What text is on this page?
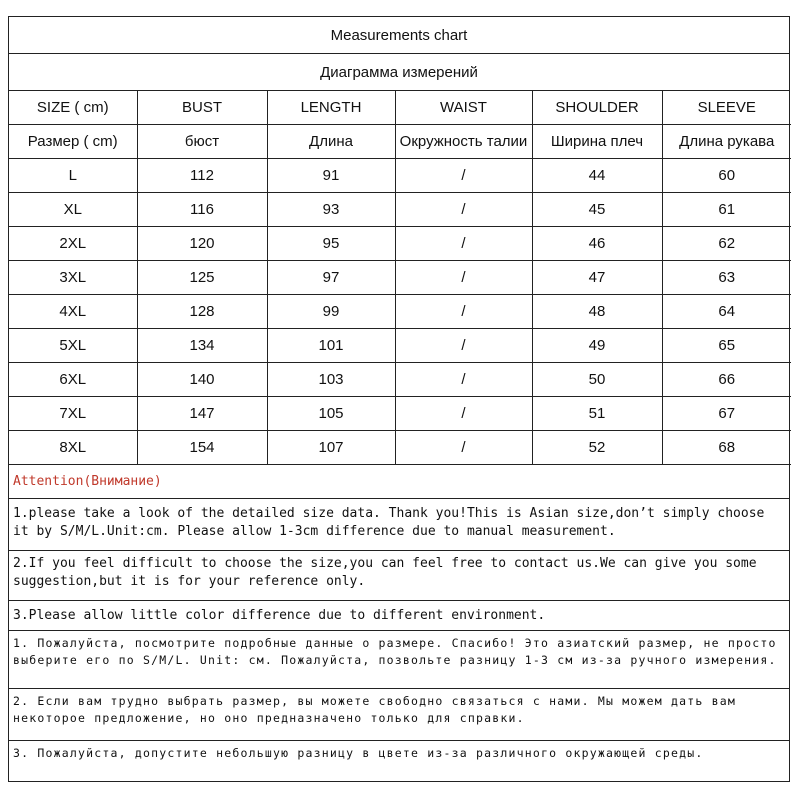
Measurements chart
Диаграмма измерений
SIZE ( cm)	BUST	LENGTH	WAIST	SHOULDER	SLEEVE
Размер ( cm)	бюст	Длина	Окружность талии	Ширина плеч	Длина рукава
L	112	91	/	44	60
XL	116	93	/	45	61
2XL	120	95	/	46	62
3XL	125	97	/	47	63
4XL	128	99	/	48	64
5XL	134	101	/	49	65
6XL	140	103	/	50	66
7XL	147	105	/	51	67
8XL	154	107	/	52	68
Attention(Внимание)
1.please take a look of the detailed size data. Thank you!This is Asian size,don’t simply choose it by S/M/L.Unit:cm. Please allow 1-3cm difference due to manual measurement.
2.If you feel difficult to choose the size,you can feel free to contact us.We can give you some suggestion,but it is for your reference only.
3.Please allow little color difference due to different environment.
1. Пожалуйста, посмотрите подробные данные о размере. Спасибо! Это азиатский размер, не просто выберите его по S/M/L. Unit: cм. Пожалуйста, позвольте разницу 1-3 см из-за ручного измерения.
2. Если вам трудно выбрать размер, вы можете свободно связаться с нами. Мы можем дать вам некоторое предложение, но оно предназначено только для справки.
3. Пожалуйста, допустите небольшую разницу в цвете из-за различного окружающей среды.
